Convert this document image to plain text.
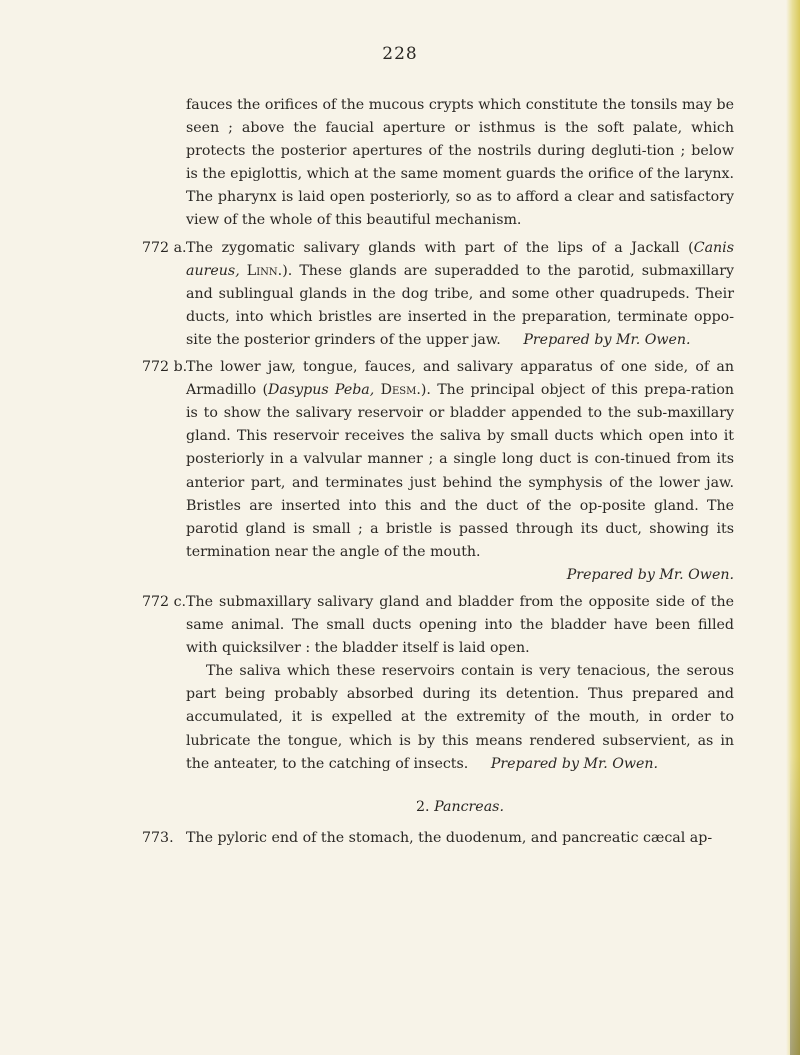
228

fauces the orifices of the mucous crypts which constitute the tonsils may be seen ; above the faucial aperture or isthmus is the soft palate, which protects the posterior apertures of the nostrils during degluti-tion ; below is the epiglottis, which at the same moment guards the orifice of the larynx. The pharynx is laid open posteriorly, so as to afford a clear and satisfactory view of the whole of this beautiful mechanism.

772 a. The zygomatic salivary glands with part of the lips of a Jackall (Canis aureus, Linn.). These glands are superadded to the parotid, submaxillary and sublingual glands in the dog tribe, and some other quadrupeds. Their ducts, into which bristles are inserted in the preparation, terminate oppo-site the posterior grinders of the upper jaw. Prepared by Mr. Owen.

772 b.

The lower jaw, tongue, fauces, and salivary apparatus of one side, of an Armadillo (Dasypus Peba, Desm.). The principal object of this prepa-ration is to show the salivary reservoir or bladder appended to the sub-maxillary gland. This reservoir receives the saliva by small ducts which open into it posteriorly in a valvular manner ; a single long duct is con-tinued from its anterior part, and terminates just behind the symphysis of the lower jaw. Bristles are inserted into this and the duct of the op-posite gland. The parotid gland is small ; a bristle is passed through its duct, showing its termination near the angle of the mouth.

Prepared by Mr. Owen.

772 c. The submaxillary salivary gland and bladder from the opposite side of the same animal. The small ducts opening into the bladder have been filled with quicksilver : the bladder itself is laid open.

The saliva which these reservoirs contain is very tenacious, the serous part being probably absorbed during its detention. Thus prepared and accumulated, it is expelled at the extremity of the mouth, in order to lubricate the tongue, which is by this means rendered subservient, as in the anteater, to the catching of insects. Prepared by Mr. Owen.

2. Pancreas.
773. The pyloric end of the stomach, the duodenum, and pancreatic cæcal ap-
